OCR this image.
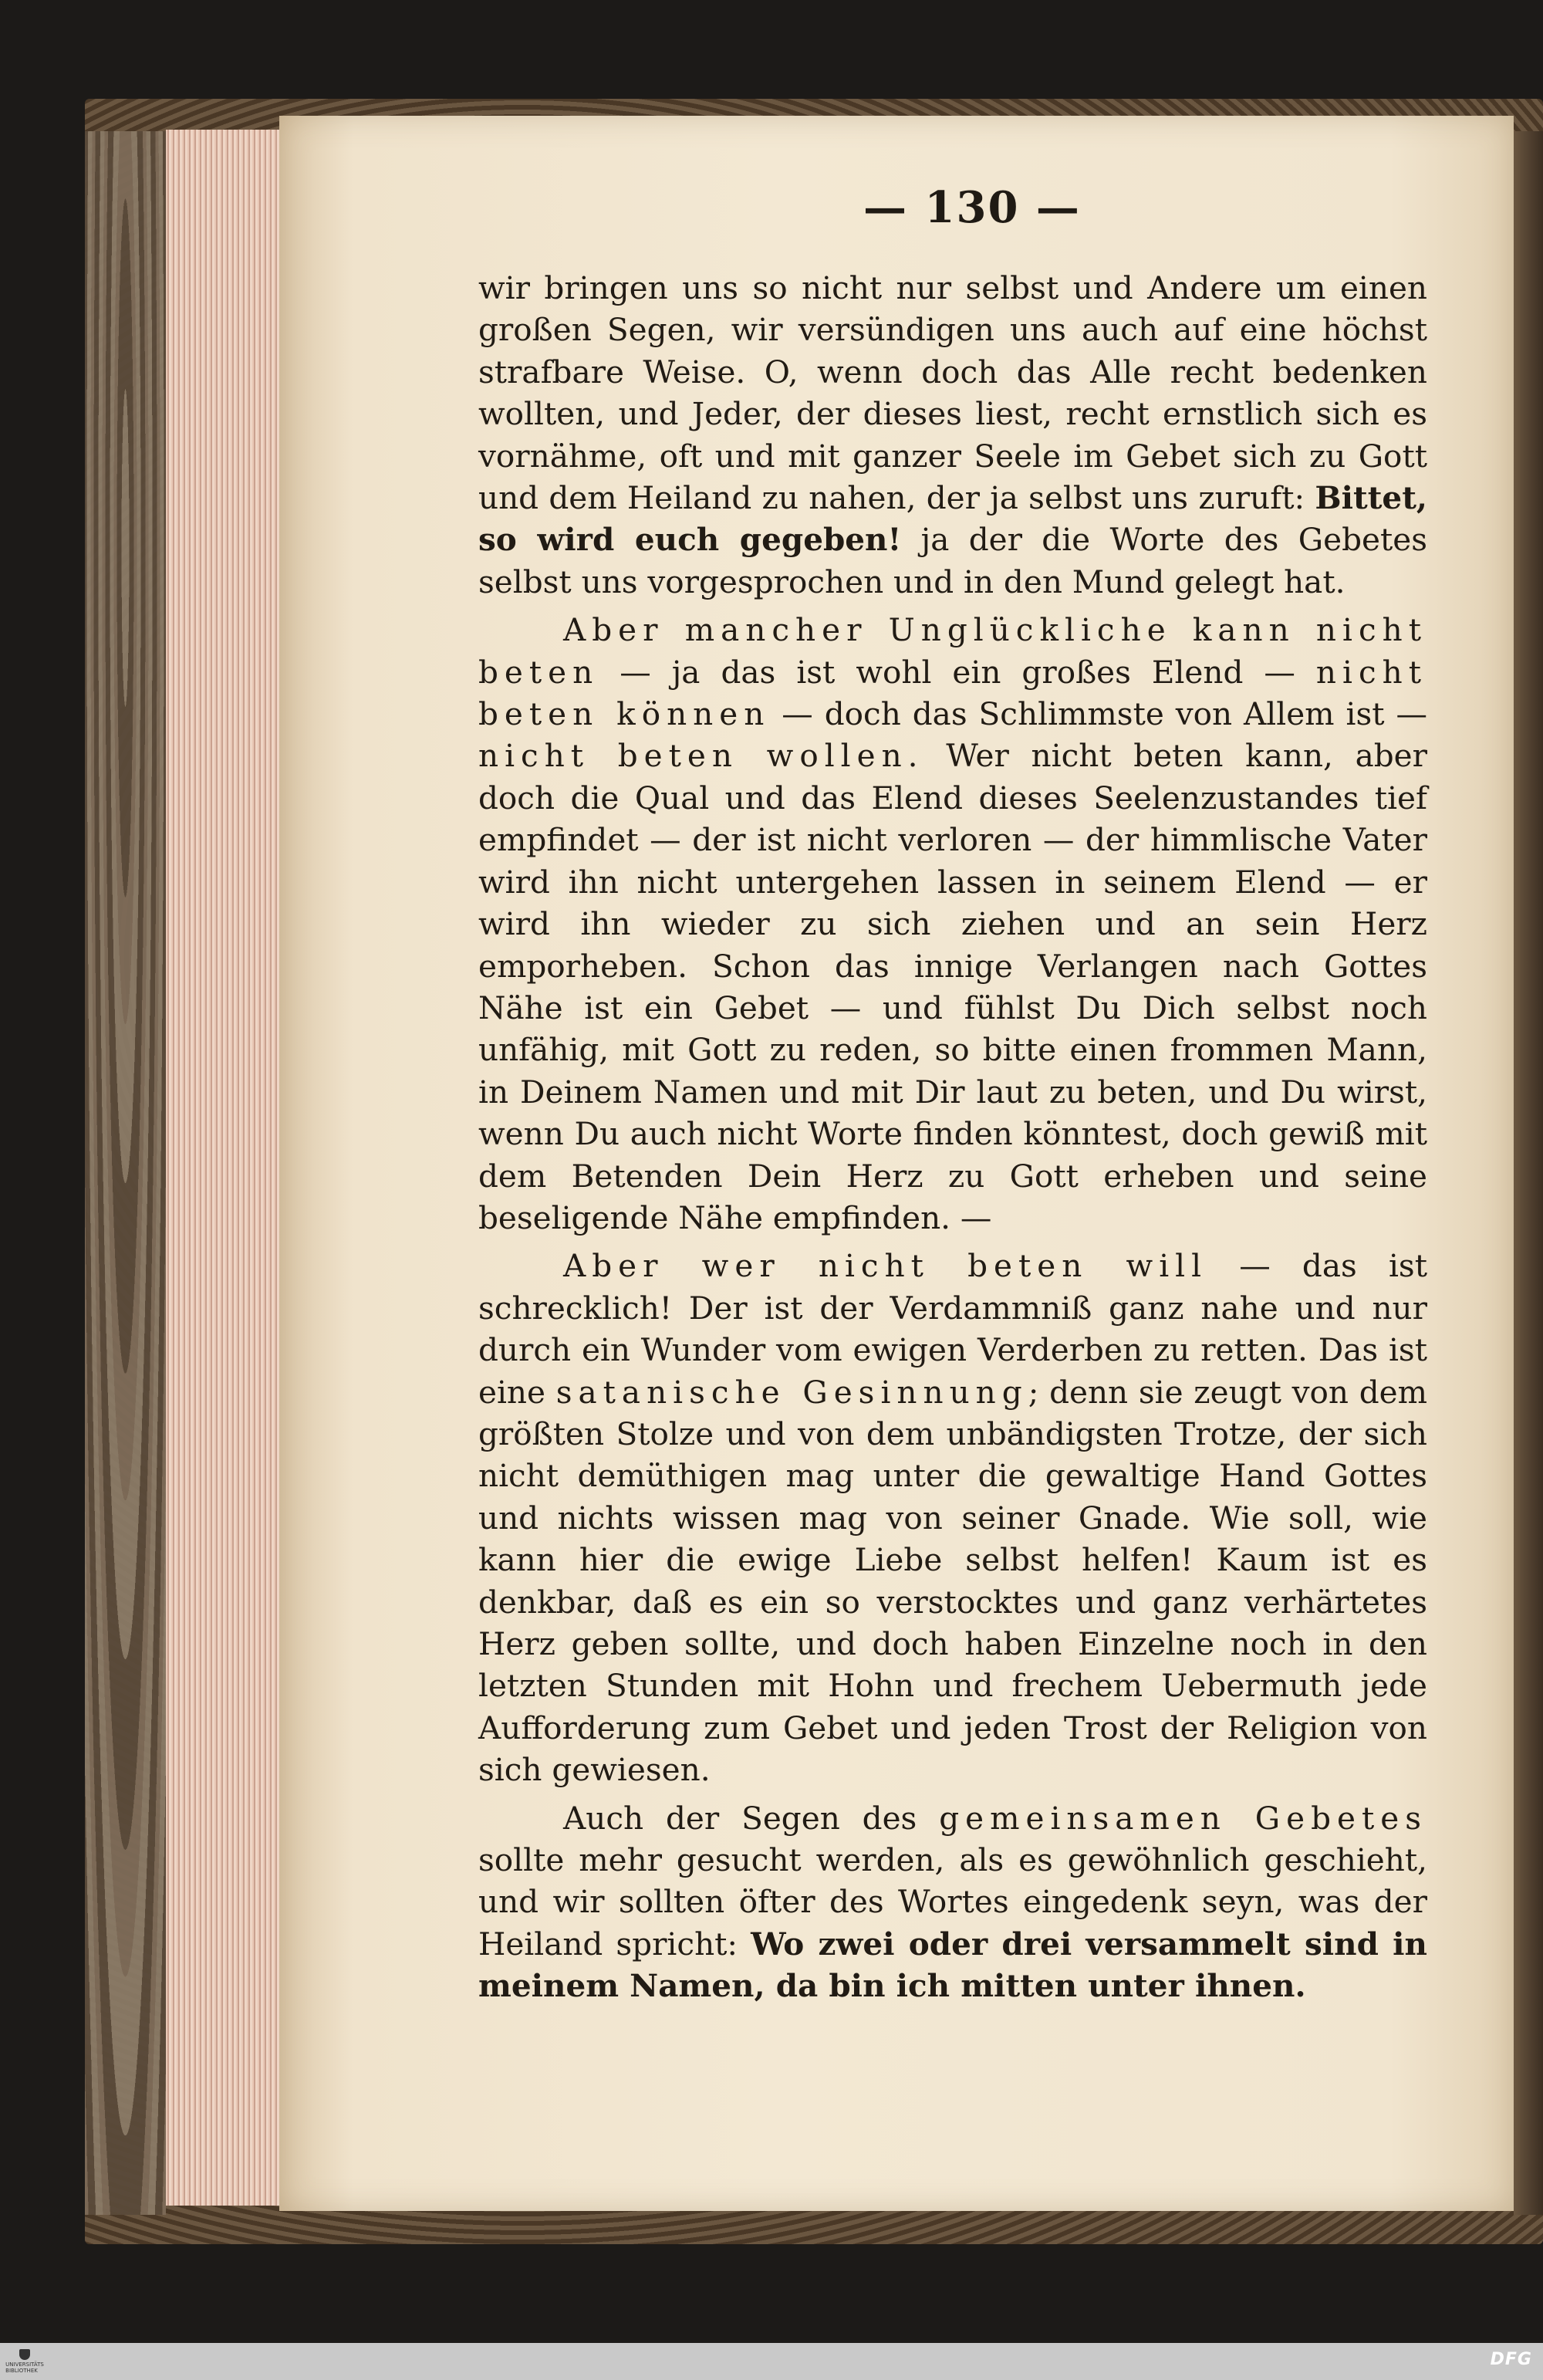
— 130 —

wir bringen uns so nicht nur selbst und Andere um einen großen Segen, wir versündigen uns auch auf eine höchst strafbare Weise. O, wenn doch das Alle recht bedenken wollten, und Jeder, der dieses liest, recht ernstlich sich es vornähme, oft und mit ganzer Seele im Gebet sich zu Gott und dem Heiland zu nahen, der ja selbst uns zuruft: Bittet, so wird euch gegeben! ja der die Worte des Gebetes selbst uns vorgesprochen und in den Mund gelegt hat.

Aber mancher Unglückliche kann nicht beten — ja das ist wohl ein großes Elend — nicht beten können — doch das Schlimmste von Allem ist — nicht beten wollen. Wer nicht beten kann, aber doch die Qual und das Elend dieses Seelenzustandes tief empfindet — der ist nicht verloren — der himmlische Vater wird ihn nicht untergehen lassen in seinem Elend — er wird ihn wieder zu sich ziehen und an sein Herz emporheben. Schon das innige Verlangen nach Gottes Nähe ist ein Gebet — und fühlst Du Dich selbst noch unfähig, mit Gott zu reden, so bitte einen frommen Mann, in Deinem Namen und mit Dir laut zu beten, und Du wirst, wenn Du auch nicht Worte finden könntest, doch gewiß mit dem Betenden Dein Herz zu Gott erheben und seine beseligende Nähe empfinden. —

Aber wer nicht beten will — das ist schrecklich! Der ist der Verdammniß ganz nahe und nur durch ein Wunder vom ewigen Verderben zu retten. Das ist eine satanische Gesinnung; denn sie zeugt von dem größten Stolze und von dem unbändigsten Trotze, der sich nicht demüthigen mag unter die gewaltige Hand Gottes und nichts wissen mag von seiner Gnade. Wie soll, wie kann hier die ewige Liebe selbst helfen! Kaum ist es denkbar, daß es ein so verstocktes und ganz verhärtetes Herz geben sollte, und doch haben Einzelne noch in den letzten Stunden mit Hohn und frechem Uebermuth jede Aufforderung zum Gebet und jeden Trost der Religion von sich gewiesen.

Auch der Segen des gemeinsamen Gebetes sollte mehr gesucht werden, als es gewöhnlich geschieht, und wir sollten öfter des Wortes eingedenk seyn, was der Heiland spricht: Wo zwei oder drei versammelt sind in meinem Namen, da bin ich mitten unter ihnen.

UNIVERSITÄTS BIBLIOTHEK
DFG
